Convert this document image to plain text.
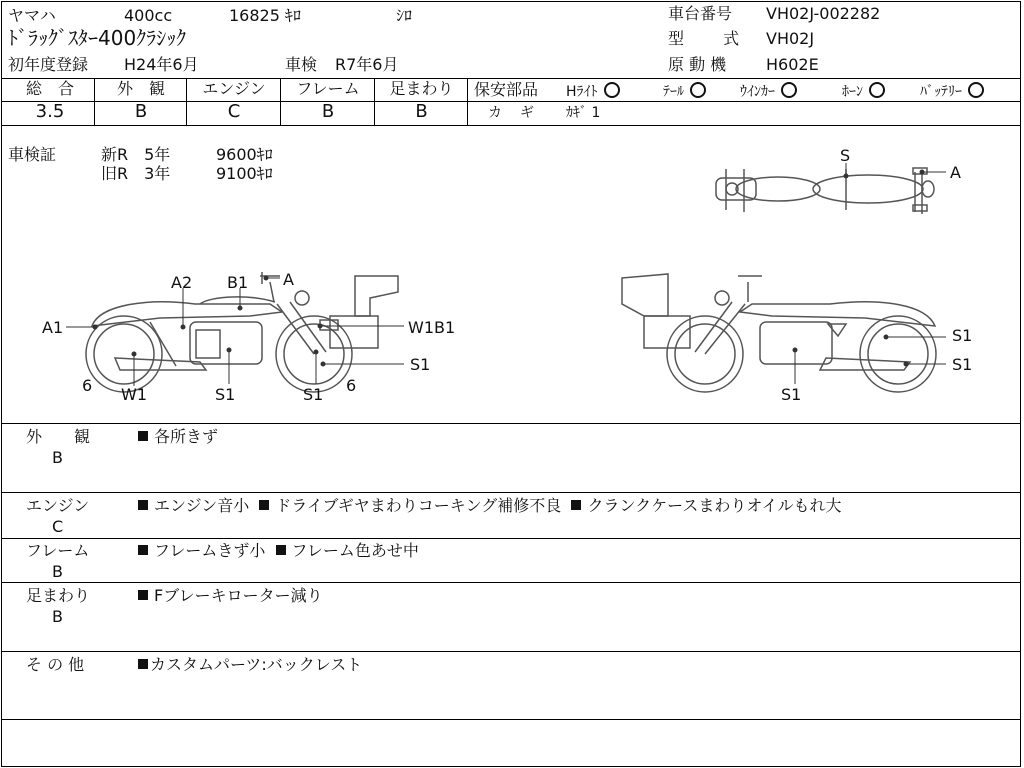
ヤマハ	400cc	16825 ｷﾛ	ｼﾛ
ﾄﾞﾗｯｸﾞｽﾀｰ400ｸﾗｼｯｸ
初年度登録 H24年6月	車検 R7年6月
車台番号 VH02J-002282
型　 式 VH02J
原 動 機 H602E
総　合
3.5
外　観
B
エンジン
C
フレーム
B
足まわり
B
保安部品 Hﾗｲﾄ	ﾃｰﾙ	ｳｲﾝｶｰ	ﾎｰﾝ	ﾊﾞｯﾃﾘｰ
カ　ギ ｶｷﾞ 1
車検証	新R　5年	9600ｷﾛ
旧R　3年	9100ｷﾛ
S
A
A2 B1 A
A1	W1B1
6 W1	S1	S1 6
S1
S1
S1
S1
外　　観
B
各所きず
エンジン
C
エンジン音小 ドライブギヤまわりコーキング補修不良 クランクケースまわりオイルもれ大
フレーム
B
フレームきず小 フレーム色あせ中
足まわり
B
Fブレーキローター減り
そ の 他	カスタムパーツ:バックレスト
